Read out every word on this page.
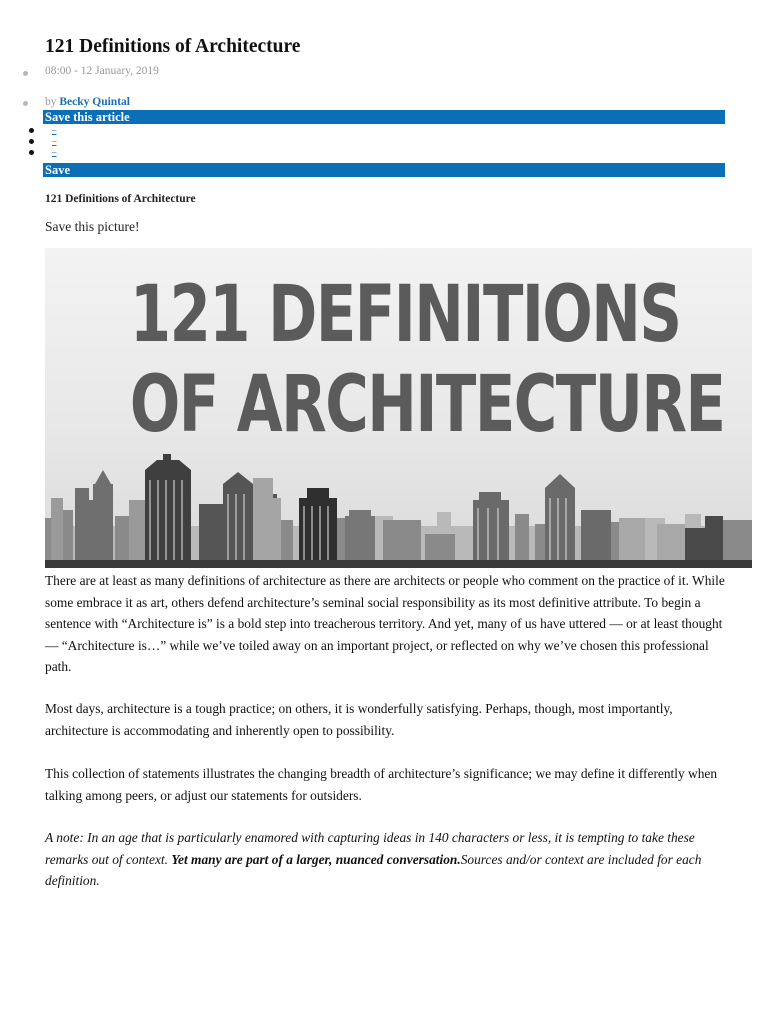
121 Definitions of Architecture
08:00 - 12 January, 2019
by Becky Quintal
Save this article
–
–
–
Save
121 Definitions of Architecture
Save this picture!
121 DEFINITIONS
OF ARCHITECTURE

There are at least as many definitions of architecture as there are architects or people who comment on the practice of it. While some embrace it as art, others defend architecture’s seminal social responsibility as its most definitive attribute. To begin a sentence with “Architecture is” is a bold step into treacherous territory. And yet, many of us have uttered — or at least thought— “Architecture is…” while we’ve toiled away on an important project, or reflected on why we’ve chosen this professional path.

Most days, architecture is a tough practice; on others, it is wonderfully satisfying. Perhaps, though, most importantly, architecture is accommodating and inherently open to possibility.

This collection of statements illustrates the changing breadth of architecture’s significance; we may define it differently when talking among peers, or adjust our statements for outsiders.

A note: In an age that is particularly enamored with capturing ideas in 140 characters or less, it is tempting to take these remarks out of context. Yet many are part of a larger, nuanced conversation.Sources and/or context are included for each definition.
